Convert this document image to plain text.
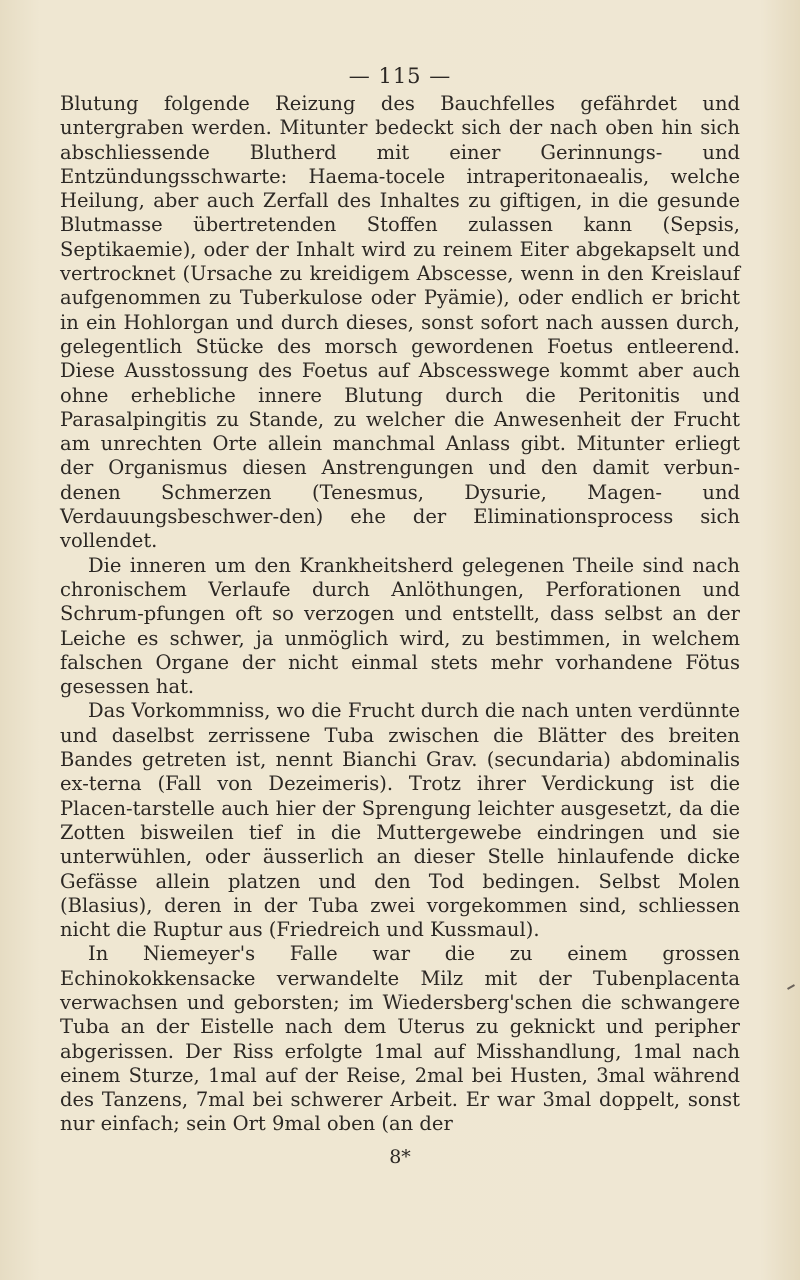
— 115 —

Blutung folgende Reizung des Bauchfelles gefährdet und untergraben werden. Mitunter bedeckt sich der nach oben hin sich abschliessende Blutherd mit einer Gerinnungs- und Entzündungsschwarte: Haema-tocele intraperitonaealis, welche Heilung, aber auch Zerfall des Inhaltes zu giftigen, in die gesunde Blutmasse übertretenden Stoffen zulassen kann (Sepsis, Septikaemie), oder der Inhalt wird zu reinem Eiter abgekapselt und vertrocknet (Ursache zu kreidigem Abscesse, wenn in den Kreislauf aufgenommen zu Tuberkulose oder Pyämie), oder endlich er bricht in ein Hohlorgan und durch dieses, sonst sofort nach aussen durch, gelegentlich Stücke des morsch gewordenen Foetus entleerend. Diese Ausstossung des Foetus auf Abscesswege kommt aber auch ohne erhebliche innere Blutung durch die Peritonitis und Parasalpingitis zu Stande, zu welcher die Anwesenheit der Frucht am unrechten Orte allein manchmal Anlass gibt. Mitunter erliegt der Organismus diesen Anstrengungen und den damit verbun-denen Schmerzen (Tenesmus, Dysurie, Magen- und Verdauungsbeschwer-den) ehe der Eliminationsprocess sich vollendet.

Die inneren um den Krankheitsherd gelegenen Theile sind nach chronischem Verlaufe durch Anlöthungen, Perforationen und Schrum-pfungen oft so verzogen und entstellt, dass selbst an der Leiche es schwer, ja unmöglich wird, zu bestimmen, in welchem falschen Organe der nicht einmal stets mehr vorhandene Fötus gesessen hat.

Das Vorkommniss, wo die Frucht durch die nach unten verdünnte und daselbst zerrissene Tuba zwischen die Blätter des breiten Bandes getreten ist, nennt Bianchi Grav. (secundaria) abdominalis ex-terna (Fall von Dezeimeris). Trotz ihrer Verdickung ist die Placen-tarstelle auch hier der Sprengung leichter ausgesetzt, da die Zotten bisweilen tief in die Muttergewebe eindringen und sie unterwühlen, oder äusserlich an dieser Stelle hinlaufende dicke Gefässe allein platzen und den Tod bedingen. Selbst Molen (Blasius), deren in der Tuba zwei vorgekommen sind, schliessen nicht die Ruptur aus (Friedreich und Kussmaul).

In Niemeyer's Falle war die zu einem grossen Echinokokkensacke verwandelte Milz mit der Tubenplacenta verwachsen und geborsten; im Wiedersberg'schen die schwangere Tuba an der Eistelle nach dem Uterus zu geknickt und peripher abgerissen. Der Riss erfolgte 1mal auf Misshandlung, 1mal nach einem Sturze, 1mal auf der Reise, 2mal bei Husten, 3mal während des Tanzens, 7mal bei schwerer Arbeit. Er war 3mal doppelt, sonst nur einfach; sein Ort 9mal oben (an der

8*
